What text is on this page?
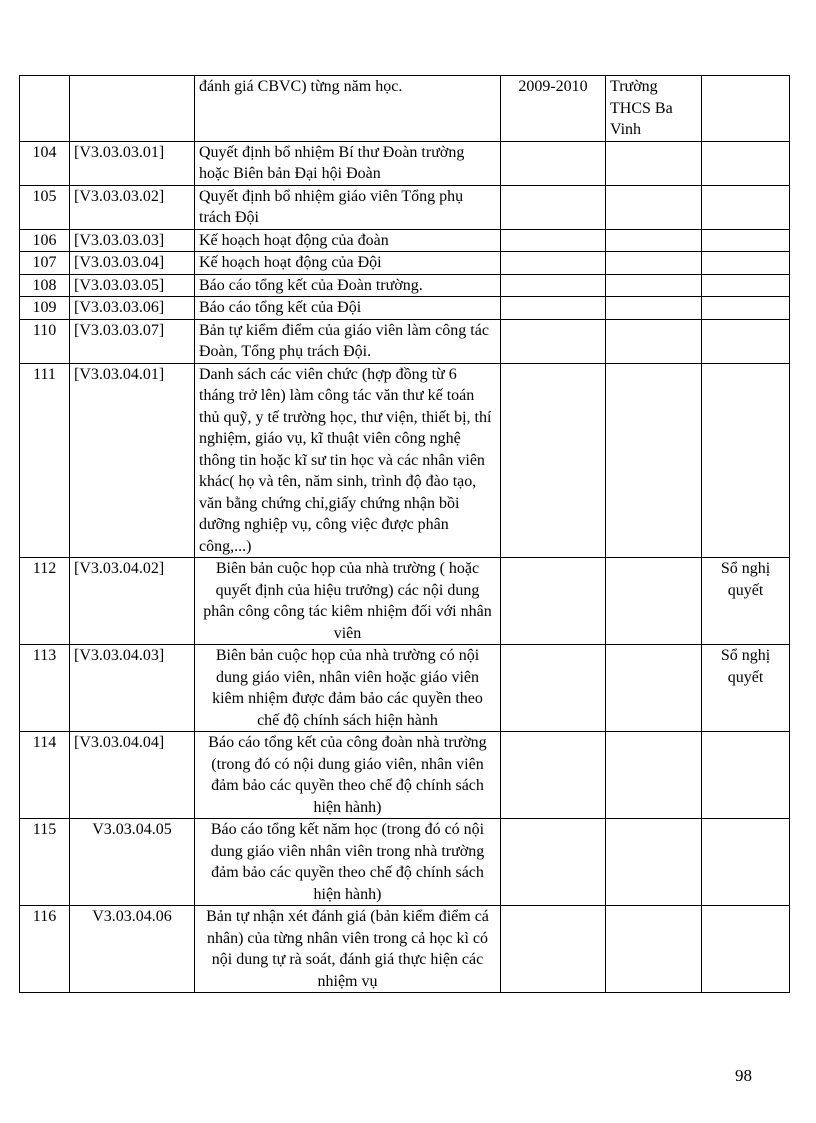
		đánh giá CBVC) từng năm học.	2009-2010	Trường THCS Ba Vinh	
104	[V3.03.03.01]	Quyết định bổ nhiệm Bí thư Đoàn trường hoặc Biên bản Đại hội Đoàn			
105	[V3.03.03.02]	Quyết định bổ nhiệm giáo viên Tổng phụ trách Đội			
106	[V3.03.03.03]	Kế hoạch hoạt động của đoàn			
107	[V3.03.03.04]	Kế hoạch hoạt động của Đội			
108	[V3.03.03.05]	Báo cáo tổng kết của Đoàn trường.			
109	[V3.03.03.06]	Báo cáo tổng kết của Đội			
110	[V3.03.03.07]	Bản tự kiểm điểm của giáo viên làm công tác Đoàn, Tổng phụ trách Đội.			
111	[V3.03.04.01]	Danh sách các viên chức (hợp đồng từ 6 tháng trở lên) làm công tác văn thư kế toán thủ quỹ, y tế trường học, thư viện, thiết bị, thí nghiệm, giáo vụ, kĩ thuật viên công nghệ thông tin hoặc kĩ sư tin học và các nhân viên khác( họ và tên, năm sinh, trình độ đào tạo, văn bằng chứng chỉ,giấy chứng nhận bồi dưỡng nghiệp vụ, công việc được phân công,...)			
112	[V3.03.04.02]	Biên bản cuộc họp của nhà trường ( hoặc quyết định của hiệu trưởng) các nội dung phân công công tác kiêm nhiệm đối với nhân viên			Sổ nghị quyết
113	[V3.03.04.03]	Biên bản cuộc họp của nhà trường có nội dung giáo viên, nhân viên hoặc giáo viên kiêm nhiệm được đảm bảo các quyền theo chế độ chính sách hiện hành			Sổ nghị quyết
114	[V3.03.04.04]	Báo cáo tổng kết của công đoàn nhà trường (trong đó có nội dung giáo viên, nhân viên đảm bảo các quyền theo chế độ chính sách hiện hành)			
115	V3.03.04.05	Báo cáo tổng kết năm học (trong đó có nội dung giáo viên nhân viên trong nhà trường đảm bảo các quyền theo chế độ chính sách hiện hành)			
116	V3.03.04.06	Bản tự nhận xét đánh giá (bản kiểm điểm cá nhân) của từng nhân viên trong cả học kì có nội dung tự rà soát, đánh giá thực hiện các nhiệm vụ			
98
